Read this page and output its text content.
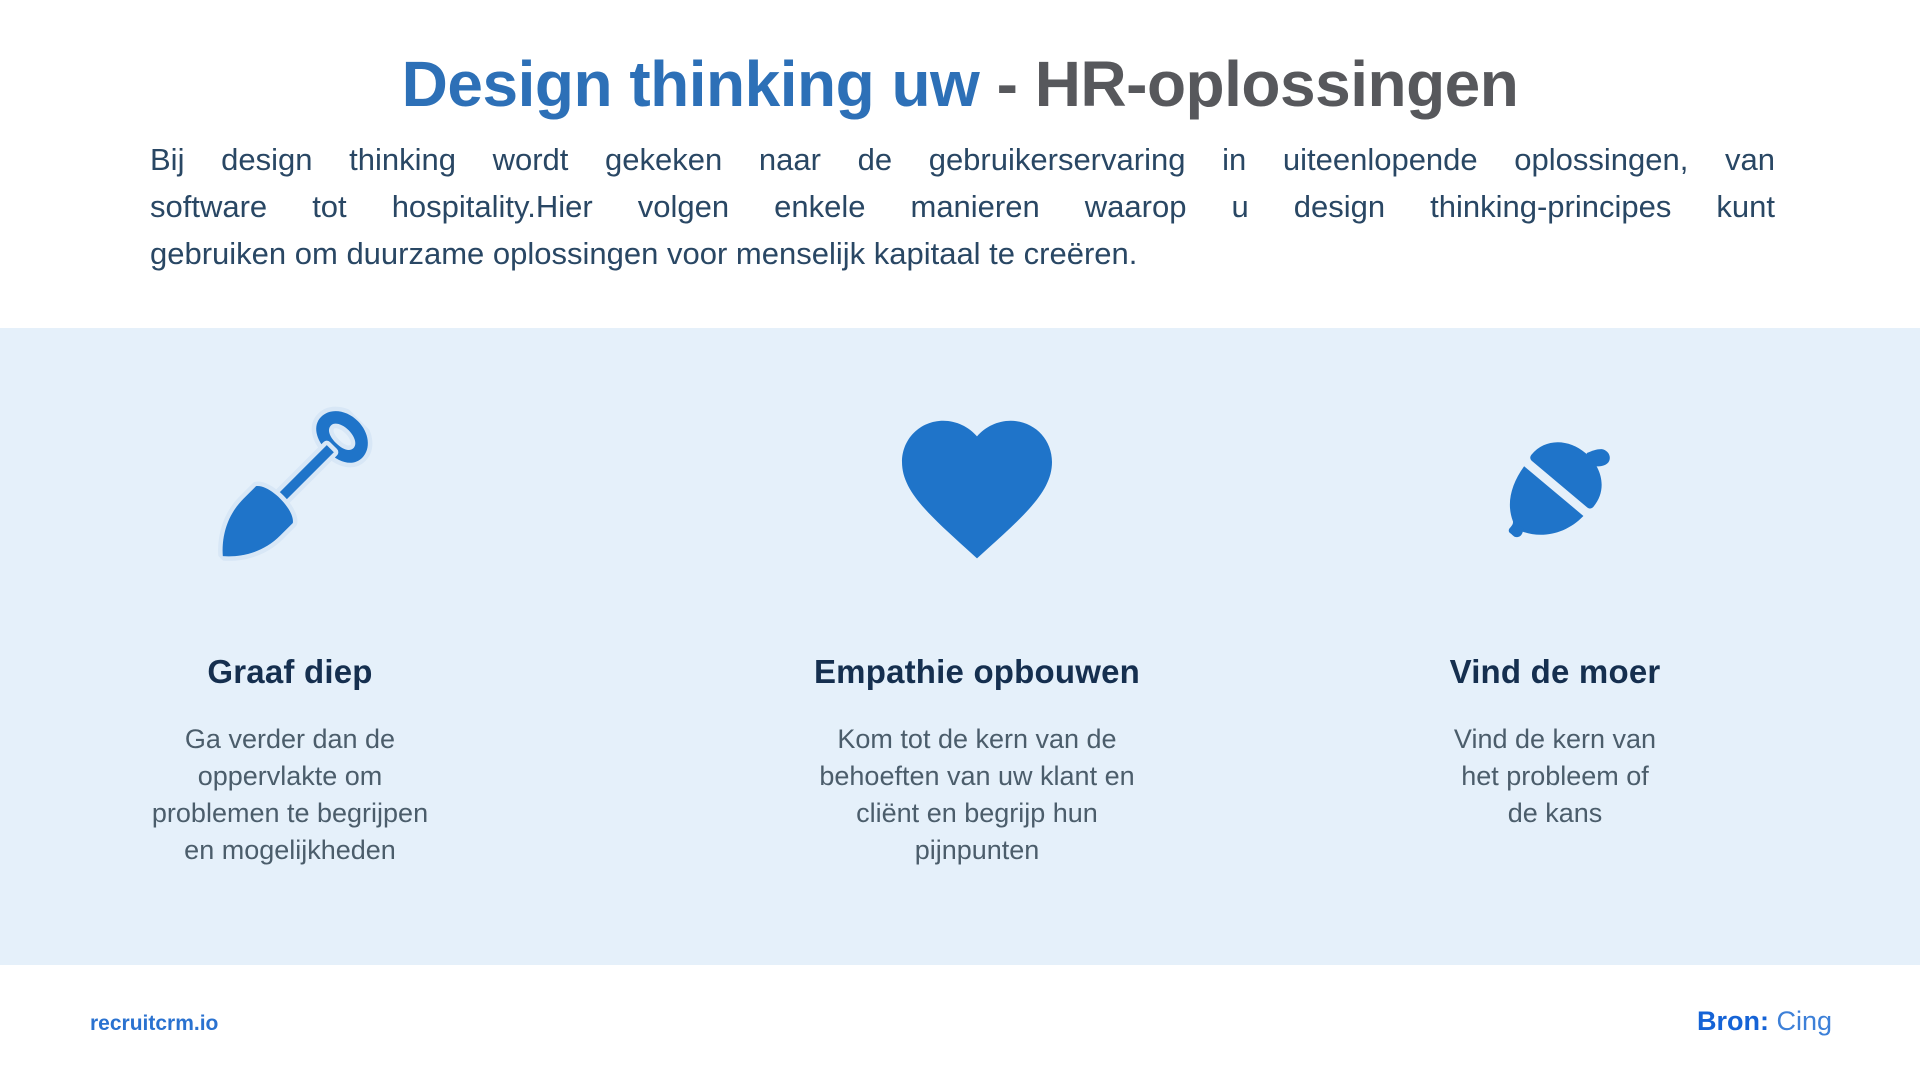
Design thinking uw - HR-oplossingen
Bij design thinking wordt gekeken naar de gebruikerservaring in uiteenlopende oplossingen, van
software tot hospitality.Hier volgen enkele manieren waarop u design thinking-principes kunt
gebruiken om duurzame oplossingen voor menselijk kapitaal te creëren.
Graaf diep

Ga verder dan de oppervlakte om problemen te begrijpen en mogelijkheden

Empathie opbouwen

Kom tot de kern van de behoeften van uw klant en cliënt en begrijp hun pijnpunten

Vind de moer

Vind de kern van het probleem of de kans

recruitcrm.io	Bron: Cing
